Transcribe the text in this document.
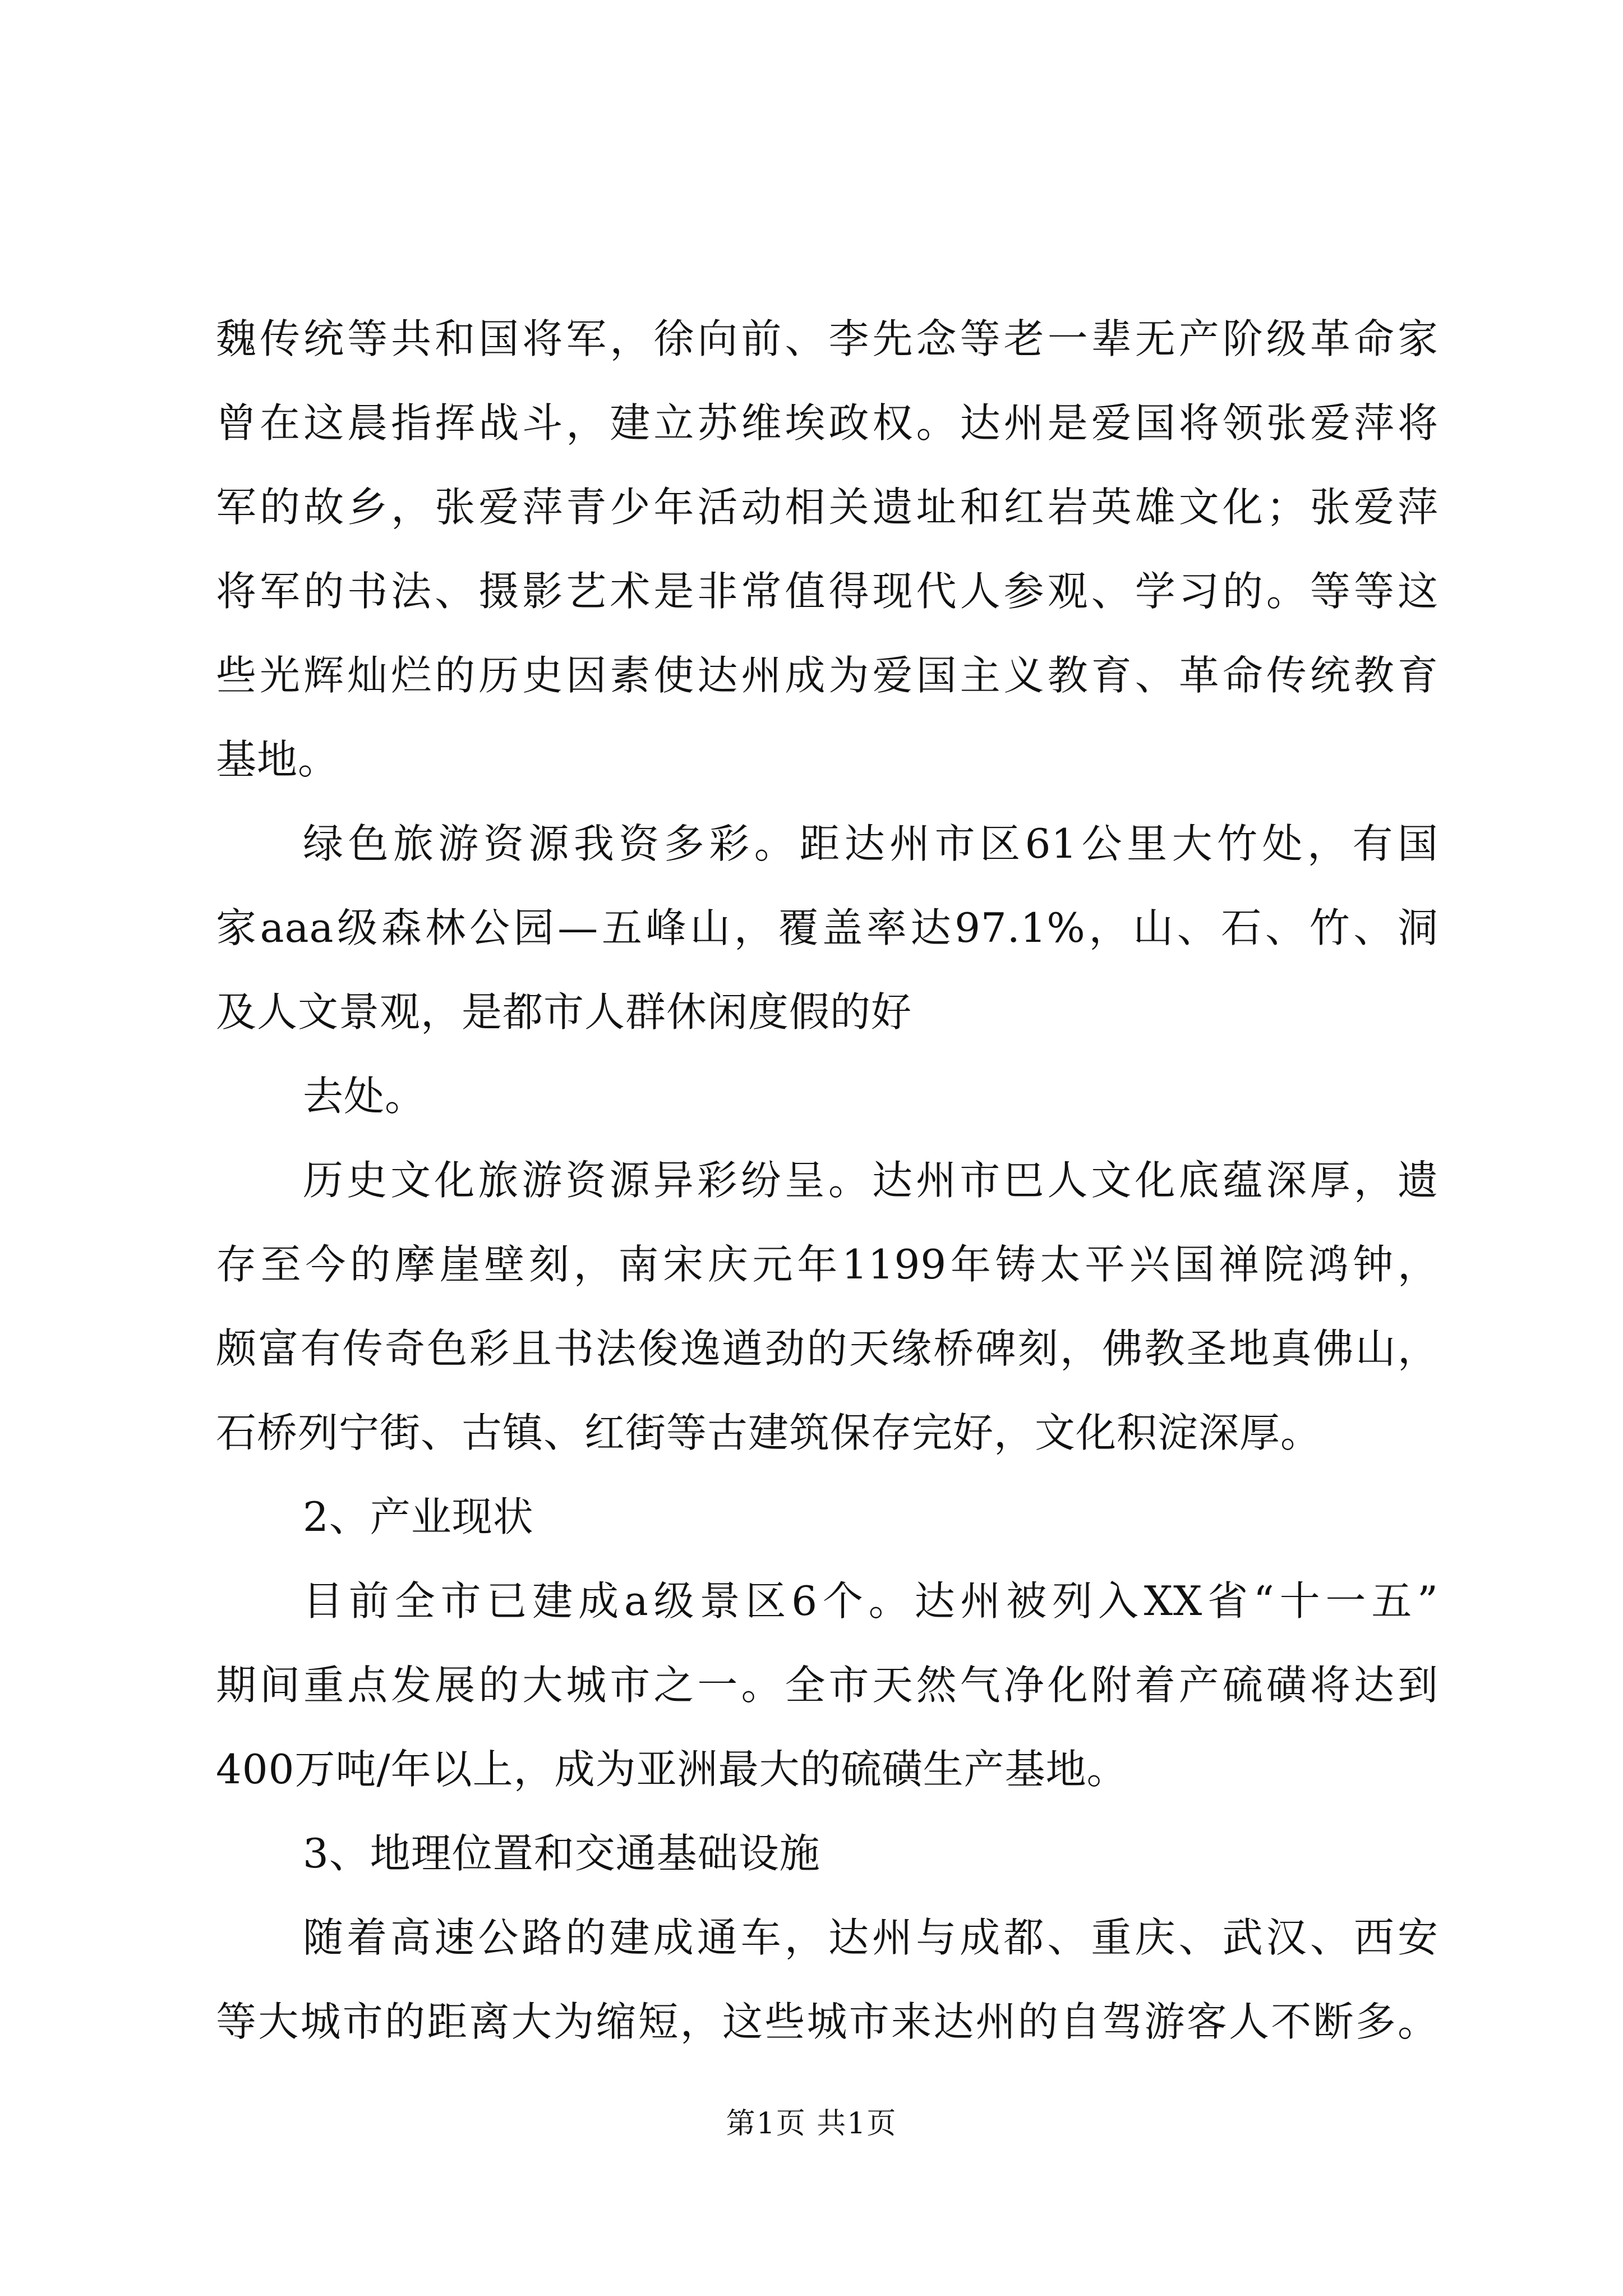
魏传统等共和国将军，徐向前、李先念等老一辈无产阶级革命家
曾在这晨指挥战斗，建立苏维埃政权。达州是爱国将领张爱萍将
军的故乡，张爱萍青少年活动相关遗址和红岩英雄文化；张爱萍
将军的书法、摄影艺术是非常值得现代人参观、学习的。等等这
些光辉灿烂的历史因素使达州成为爱国主义教育、革命传统教育
基地。
绿色旅游资源我资多彩。距达州市区61公里大竹处，有国
家aaa级森林公园—五峰山，覆盖率达97.1%，山、石、竹、洞
及人文景观，是都市人群休闲度假的好
去处。
历史文化旅游资源异彩纷呈。达州市巴人文化底蕴深厚，遗
存至今的摩崖壁刻，南宋庆元年1199年铸太平兴国禅院鸿钟，
颇富有传奇色彩且书法俊逸遒劲的天缘桥碑刻，佛教圣地真佛山，
石桥列宁街、古镇、红街等古建筑保存完好，文化积淀深厚。
2、产业现状
目前全市已建成a级景区6个。达州被列入XX省“十一五”
期间重点发展的大城市之一。全市天然气净化附着产硫磺将达到
400万吨/年以上，成为亚洲最大的硫磺生产基地。
3、地理位置和交通基础设施
随着高速公路的建成通车，达州与成都、重庆、武汉、西安
等大城市的距离大为缩短，这些城市来达州的自驾游客人不断多。
第1页 共1页
